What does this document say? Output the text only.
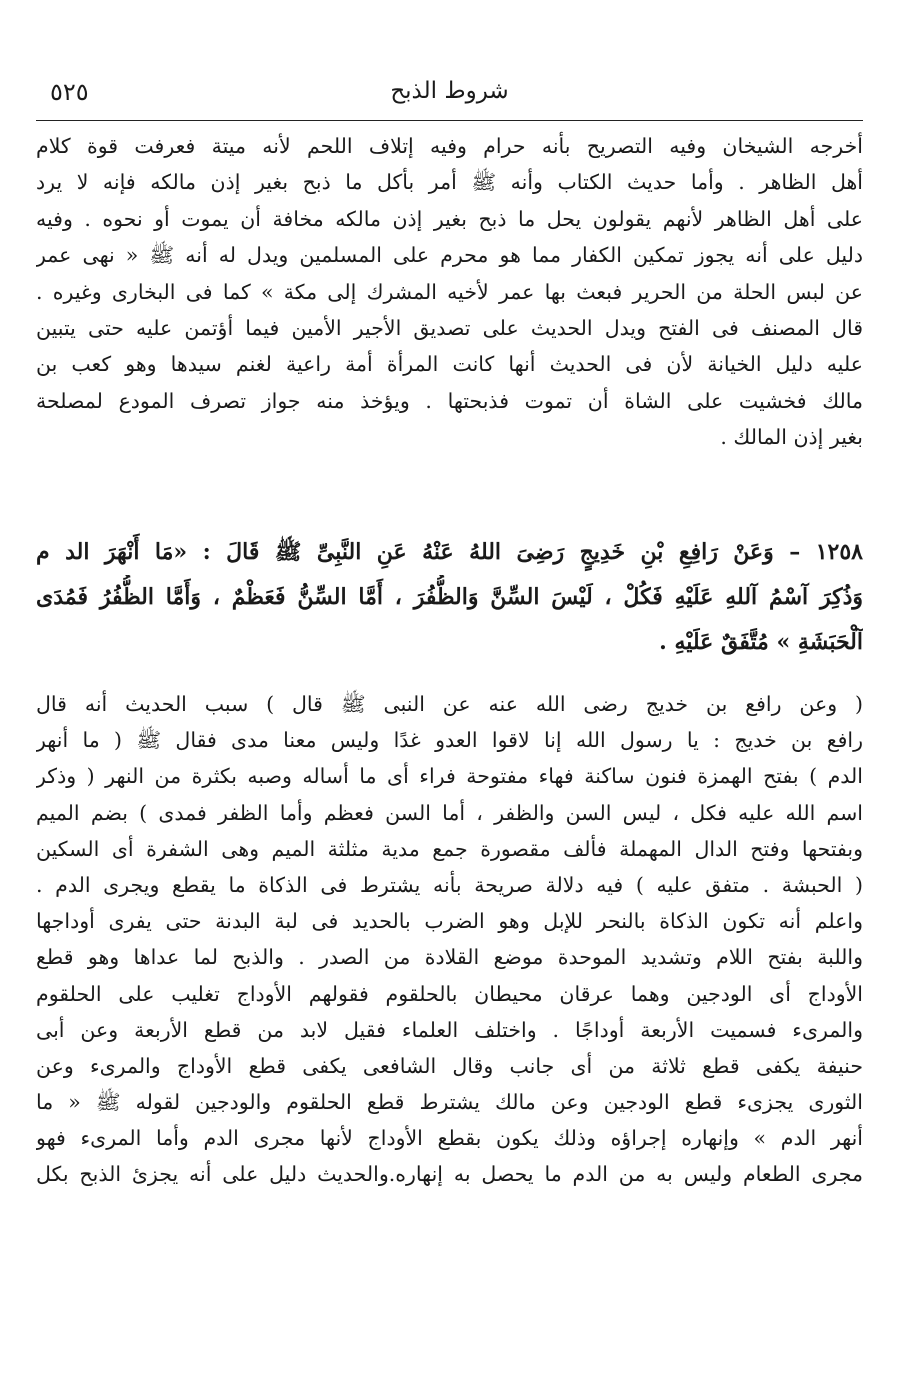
٥٢٥	شروط الذبح
أخرجه الشيخان وفيه التصريح بأنه حرام وفيه إتلاف اللحم لأنه ميتة فعرفت قوة كلام
أهل الظاهر . وأما حديث الكتاب وأنه ﷺ أمر بأكل ما ذبح بغير إذن مالكه فإنه لا يرد
على أهل الظاهر لأنهم يقولون يحل ما ذبح بغير إذن مالكه مخافة أن يموت أو نحوه . وفيه
دليل على أنه يجوز تمكين الكفار مما هو محرم على المسلمين ويدل له أنه ﷺ « نهى عمر
عن لبس الحلة من الحرير فبعث بها عمر لأخيه المشرك إلى مكة » كما فى البخارى وغيره .
قال المصنف فى الفتح ويدل الحديث على تصديق الأجير الأمين فيما أؤتمن عليه حتى يتبين
عليه دليل الخيانة لأن فى الحديث أنها كانت المرأة أمة راعية لغنم سيدها وهو كعب بن
مالك فخشيت على الشاة أن تموت فذبحتها . ويؤخذ منه جواز تصرف المودع لمصلحة
بغير إذن المالك .
١٢٥٨ – وَعَنْ رَافِعِ بْنِ خَدِيجٍ رَضِىَ اللهُ عَنْهُ عَنِ النَّبِىِّ ﷺ قَالَ : «مَا أَنْهَرَ الد م
وَذُكِرَ آسْمُ آللهِ عَلَيْهِ فَكُلْ ، لَيْسَ السِّنَّ وَالظُّفُرَ ، أَمَّا السِّنُّ فَعَظْمٌ ، وَأَمَّا الظُّفُرُ فَمُدَى
آلْحَبَشَةِ » مُتَّفَقٌ عَلَيْهِ .
( وعن رافع بن خديج رضى الله عنه عن النبى ﷺ قال ) سبب الحديث أنه قال
رافع بن خديج : يا رسول الله إنا لاقوا العدو غدًا وليس معنا مدى فقال ﷺ ( ما أنهر
الدم ) بفتح الهمزة فنون ساكنة فهاء مفتوحة فراء أى ما أساله وصبه بكثرة من النهر ( وذكر
اسم الله عليه فكل ، ليس السن والظفر ، أما السن فعظم وأما الظفر فمدى ) بضم الميم
وبفتحها وفتح الدال المهملة فألف مقصورة جمع مدية مثلثة الميم وهى الشفرة أى السكين
( الحبشة . متفق عليه ) فيه دلالة صريحة بأنه يشترط فى الذكاة ما يقطع ويجرى الدم .
واعلم أنه تكون الذكاة بالنحر للإبل وهو الضرب بالحديد فى لبة البدنة حتى يفرى أوداجها
واللبة بفتح اللام وتشديد الموحدة موضع القلادة من الصدر . والذبح لما عداها وهو قطع
الأوداج أى الودجين وهما عرقان محيطان بالحلقوم فقولهم الأوداج تغليب على الحلقوم
والمرىء فسميت الأربعة أوداجًا . واختلف العلماء فقيل لابد من قطع الأربعة وعن أبى
حنيفة يكفى قطع ثلاثة من أى جانب وقال الشافعى يكفى قطع الأوداج والمرىء وعن
الثورى يجزىء قطع الودجين وعن مالك يشترط قطع الحلقوم والودجين لقوله ﷺ « ما
أنهر الدم » وإنهاره إجراؤه وذلك يكون بقطع الأوداج لأنها مجرى الدم وأما المرىء فهو
مجرى الطعام وليس به من الدم ما يحصل به إنهاره.والحديث دليل على أنه يجزئ الذبح بكل
